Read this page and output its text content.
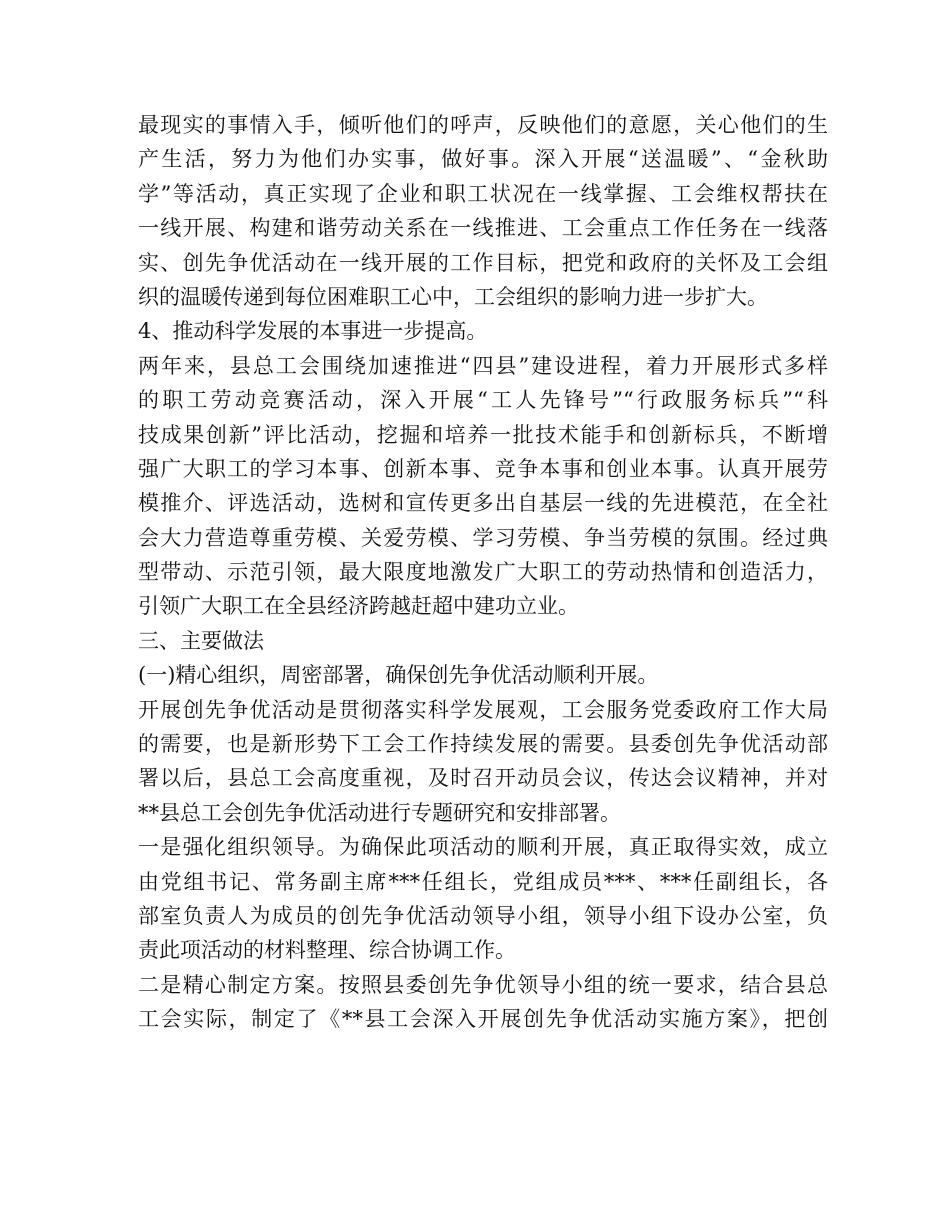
最现实的事情入手，倾听他们的呼声，反映他们的意愿，关心他们的生
产生活，努力为他们办实事，做好事。深入开展“送温暖”、“金秋助
学”等活动，真正实现了企业和职工状况在一线掌握、工会维权帮扶在
一线开展、构建和谐劳动关系在一线推进、工会重点工作任务在一线落
实、创先争优活动在一线开展的工作目标，把党和政府的关怀及工会组
织的温暖传递到每位困难职工心中，工会组织的影响力进一步扩大。
4、推动科学发展的本事进一步提高。
两年来，县总工会围绕加速推进“四县”建设进程，着力开展形式多样
的职工劳动竞赛活动，深入开展“工人先锋号”“行政服务标兵”“科
技成果创新”评比活动，挖掘和培养一批技术能手和创新标兵，不断增
强广大职工的学习本事、创新本事、竞争本事和创业本事。认真开展劳
模推介、评选活动，选树和宣传更多出自基层一线的先进模范，在全社
会大力营造尊重劳模、关爱劳模、学习劳模、争当劳模的氛围。经过典
型带动、示范引领，最大限度地激发广大职工的劳动热情和创造活力，
引领广大职工在全县经济跨越赶超中建功立业。
三、主要做法
(一)精心组织，周密部署，确保创先争优活动顺利开展。
开展创先争优活动是贯彻落实科学发展观，工会服务党委政府工作大局
的需要，也是新形势下工会工作持续发展的需要。县委创先争优活动部
署以后，县总工会高度重视，及时召开动员会议，传达会议精神，并对
**县总工会创先争优活动进行专题研究和安排部署。
一是强化组织领导。为确保此项活动的顺利开展，真正取得实效，成立
由党组书记、常务副主席***任组长，党组成员***、***任副组长，各
部室负责人为成员的创先争优活动领导小组，领导小组下设办公室，负
责此项活动的材料整理、综合协调工作。
二是精心制定方案。按照县委创先争优领导小组的统一要求，结合县总
工会实际，制定了《**县工会深入开展创先争优活动实施方案》，把创
